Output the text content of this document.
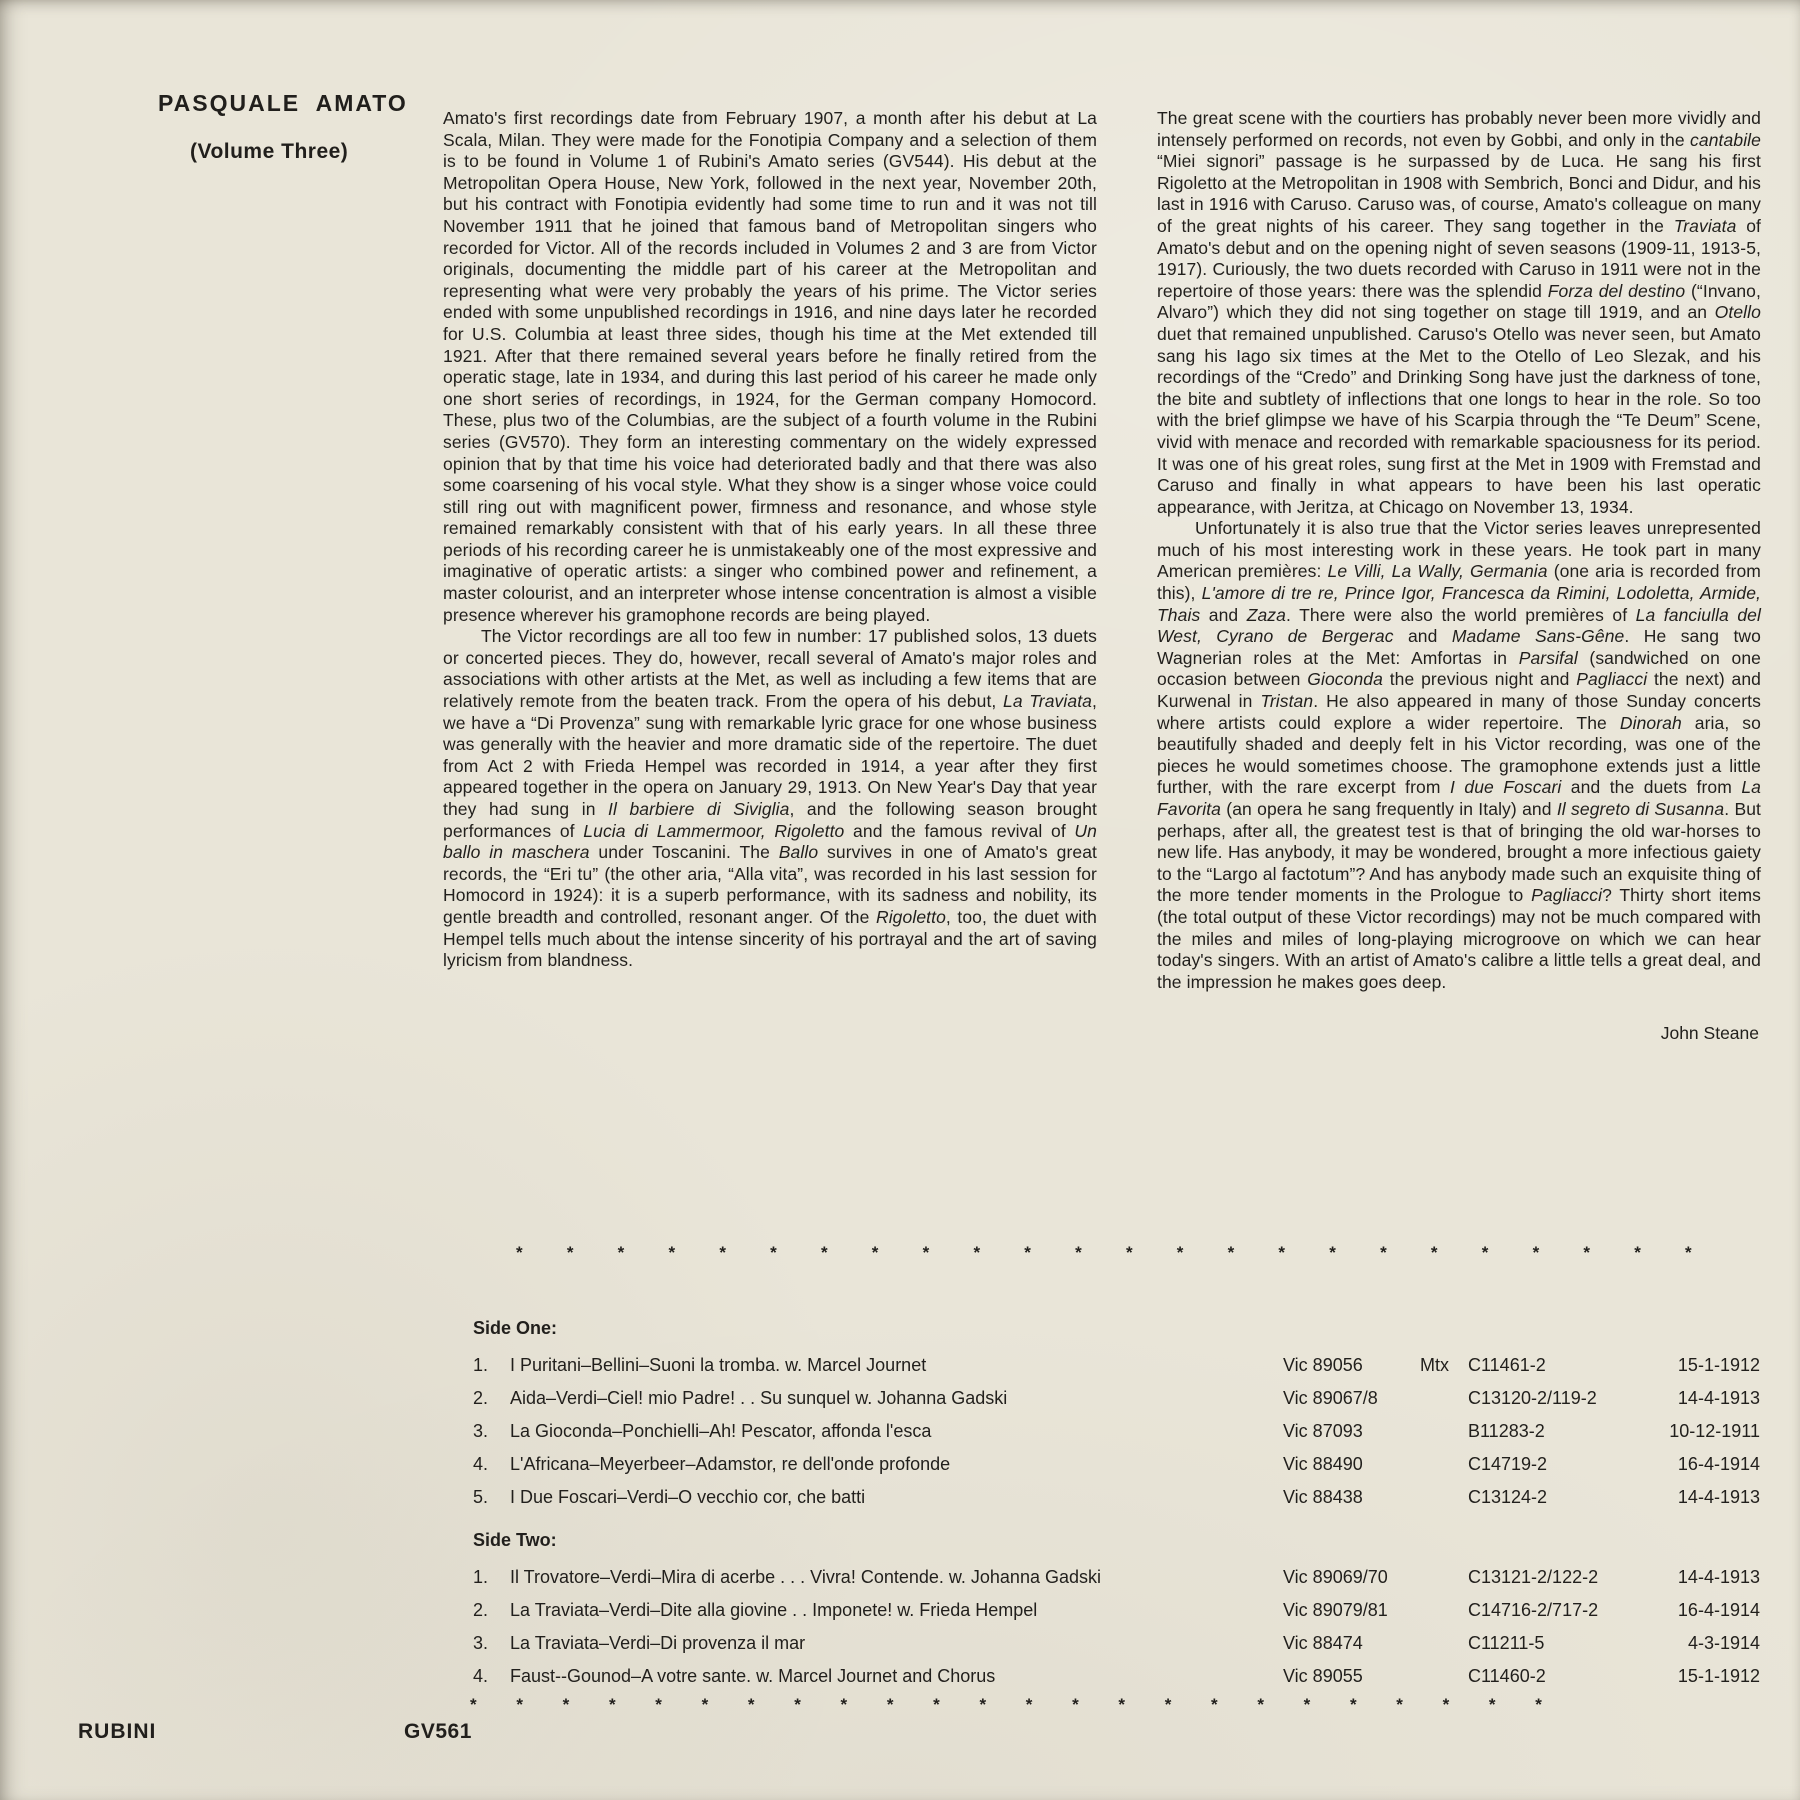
PASQUALE AMATO
(Volume Three)

Amato's first recordings date from February 1907, a month after his debut at La Scala, Milan. They were made for the Fonotipia Company and a selection of them is to be found in Volume 1 of Rubini's Amato series (GV544). His debut at the Metropolitan Opera House, New York, followed in the next year, November 20th, but his contract with Fonotipia evidently had some time to run and it was not till November 1911 that he joined that famous band of Metropolitan singers who recorded for Victor. All of the records included in Volumes 2 and 3 are from Victor originals, documenting the middle part of his career at the Metropolitan and representing what were very probably the years of his prime. The Victor series ended with some unpublished recordings in 1916, and nine days later he recorded for U.S. Columbia at least three sides, though his time at the Met extended till 1921. After that there remained several years before he finally retired from the operatic stage, late in 1934, and during this last period of his career he made only one short series of recordings, in 1924, for the German company Homocord. These, plus two of the Columbias, are the subject of a fourth volume in the Rubini series (GV570). They form an interesting commentary on the widely expressed opinion that by that time his voice had deteriorated badly and that there was also some coarsening of his vocal style. What they show is a singer whose voice could still ring out with magnificent power, firmness and resonance, and whose style remained remarkably consistent with that of his early years. In all these three periods of his recording career he is unmistakeably one of the most expressive and imaginative of operatic artists: a singer who combined power and refinement, a master colourist, and an interpreter whose intense concentration is almost a visible presence wherever his gramophone records are being played.

The Victor recordings are all too few in number: 17 published solos, 13 duets or concerted pieces. They do, however, recall several of Amato's major roles and associations with other artists at the Met, as well as including a few items that are relatively remote from the beaten track. From the opera of his debut, La Traviata, we have a “Di Provenza” sung with remarkable lyric grace for one whose business was generally with the heavier and more dramatic side of the repertoire. The duet from Act 2 with Frieda Hempel was recorded in 1914, a year after they first appeared together in the opera on January 29, 1913. On New Year's Day that year they had sung in Il barbiere di Siviglia, and the following season brought performances of Lucia di Lammermoor, Rigoletto and the famous revival of Un ballo in maschera under Toscanini. The Ballo survives in one of Amato's great records, the “Eri tu” (the other aria, “Alla vita”, was recorded in his last session for Homocord in 1924): it is a superb performance, with its sadness and nobility, its gentle breadth and controlled, resonant anger. Of the Rigoletto, too, the duet with Hempel tells much about the intense sincerity of his portrayal and the art of saving lyricism from blandness.

The great scene with the courtiers has probably never been more vividly and intensely performed on records, not even by Gobbi, and only in the cantabile “Miei signori” passage is he surpassed by de Luca. He sang his first Rigoletto at the Metropolitan in 1908 with Sembrich, Bonci and Didur, and his last in 1916 with Caruso. Caruso was, of course, Amato's colleague on many of the great nights of his career. They sang together in the Traviata of Amato's debut and on the opening night of seven seasons (1909-11, 1913-5, 1917). Curiously, the two duets recorded with Caruso in 1911 were not in the repertoire of those years: there was the splendid Forza del destino (“Invano, Alvaro”) which they did not sing together on stage till 1919, and an Otello duet that remained unpublished. Caruso's Otello was never seen, but Amato sang his Iago six times at the Met to the Otello of Leo Slezak, and his recordings of the “Credo” and Drinking Song have just the darkness of tone, the bite and subtlety of inflections that one longs to hear in the role. So too with the brief glimpse we have of his Scarpia through the “Te Deum” Scene, vivid with menace and recorded with remarkable spaciousness for its period. It was one of his great roles, sung first at the Met in 1909 with Fremstad and Caruso and finally in what appears to have been his last operatic appearance, with Jeritza, at Chicago on November 13, 1934.

Unfortunately it is also true that the Victor series leaves unrepresented much of his most interesting work in these years. He took part in many American premières: Le Villi, La Wally, Germania (one aria is recorded from this), L'amore di tre re, Prince Igor, Francesca da Rimini, Lodoletta, Armide, Thais and Zaza. There were also the world premières of La fanciulla del West, Cyrano de Bergerac and Madame Sans-Gêne. He sang two Wagnerian roles at the Met: Amfortas in Parsifal (sandwiched on one occasion between Gioconda the previous night and Pagliacci the next) and Kurwenal in Tristan. He also appeared in many of those Sunday concerts where artists could explore a wider repertoire. The Dinorah aria, so beautifully shaded and deeply felt in his Victor recording, was one of the pieces he would sometimes choose. The gramophone extends just a little further, with the rare excerpt from I due Foscari and the duets from La Favorita (an opera he sang frequently in Italy) and Il segreto di Susanna. But perhaps, after all, the greatest test is that of bringing the old war-horses to new life. Has anybody, it may be wondered, brought a more infectious gaiety to the “Largo al factotum”? And has anybody made such an exquisite thing of the more tender moments in the Prologue to Pagliacci? Thirty short items (the total output of these Victor recordings) may not be much compared with the miles and miles of long-playing microgroove on which we can hear today's singers. With an artist of Amato's calibre a little tells a great deal, and the impression he makes goes deep.

John Steane
*	*	*	*	*	*	*	*	*	*	*	*	*	*	*	*	*	*	*	*	*	*	*	*
Side One:
1.	I Puritani–Bellini–Suoni la tromba. w. Marcel Journet	Vic 89056	Mtx	C11461-2	15-1-1912
2.	Aida–Verdi–Ciel! mio Padre! . . Su sunquel w. Johanna Gadski	Vic 89067/8	C13120-2/119-2	14-4-1913
3.	La Gioconda–Ponchielli–Ah! Pescator, affonda l'esca	Vic 87093	B11283-2	10-12-1911
4.	L'Africana–Meyerbeer–Adamstor, re dell'onde profonde	Vic 88490	C14719-2	16-4-1914
5.	I Due Foscari–Verdi–O vecchio cor, che batti	Vic 88438	C13124-2	14-4-1913
Side Two:
1.	Il Trovatore–Verdi–Mira di acerbe . . . Vivra! Contende. w. Johanna Gadski	Vic 89069/70	C13121-2/122-2	14-4-1913
2.	La Traviata–Verdi–Dite alla giovine . . Imponete! w. Frieda Hempel	Vic 89079/81	C14716-2/717-2	16-4-1914
3.	La Traviata–Verdi–Di provenza il mar	Vic 88474	C11211-5	4-3-1914
4.	Faust--Gounod–A votre sante. w. Marcel Journet and Chorus	Vic 89055	C11460-2	15-1-1912
* * * * * * * * * * * * * * * * * * * * * * * *
RUBINI	GV561
